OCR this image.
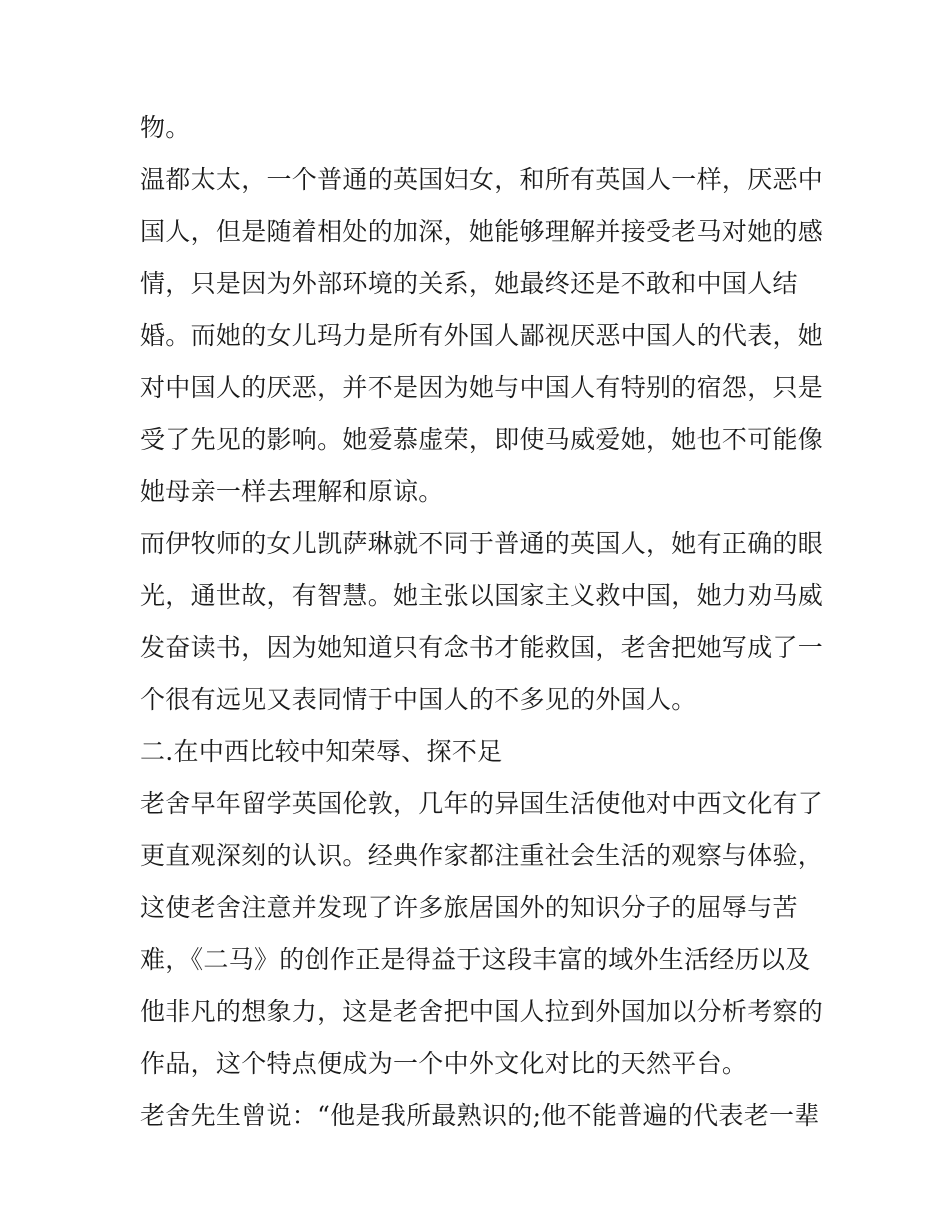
物。
温都太太，一个普通的英国妇女，和所有英国人一样，厌恶中
国人，但是随着相处的加深，她能够理解并接受老马对她的感
情，只是因为外部环境的关系，她最终还是不敢和中国人结
婚。而她的女儿玛力是所有外国人鄙视厌恶中国人的代表，她
对中国人的厌恶，并不是因为她与中国人有特别的宿怨，只是
受了先见的影响。她爱慕虚荣，即使马威爱她，她也不可能像
她母亲一样去理解和原谅。
而伊牧师的女儿凯萨琳就不同于普通的英国人，她有正确的眼
光，通世故，有智慧。她主张以国家主义救中国，她力劝马威
发奋读书，因为她知道只有念书才能救国，老舍把她写成了一
个很有远见又表同情于中国人的不多见的外国人。
二.在中西比较中知荣辱、探不足
老舍早年留学英国伦敦，几年的异国生活使他对中西文化有了
更直观深刻的认识。经典作家都注重社会生活的观察与体验，
这使老舍注意并发现了许多旅居国外的知识分子的屈辱与苦
难，《二马》的创作正是得益于这段丰富的域外生活经历以及
他非凡的想象力，这是老舍把中国人拉到外国加以分析考察的
作品，这个特点便成为一个中外文化对比的天然平台。
老舍先生曾说：“他是我所最熟识的;他不能普遍的代表老一辈
